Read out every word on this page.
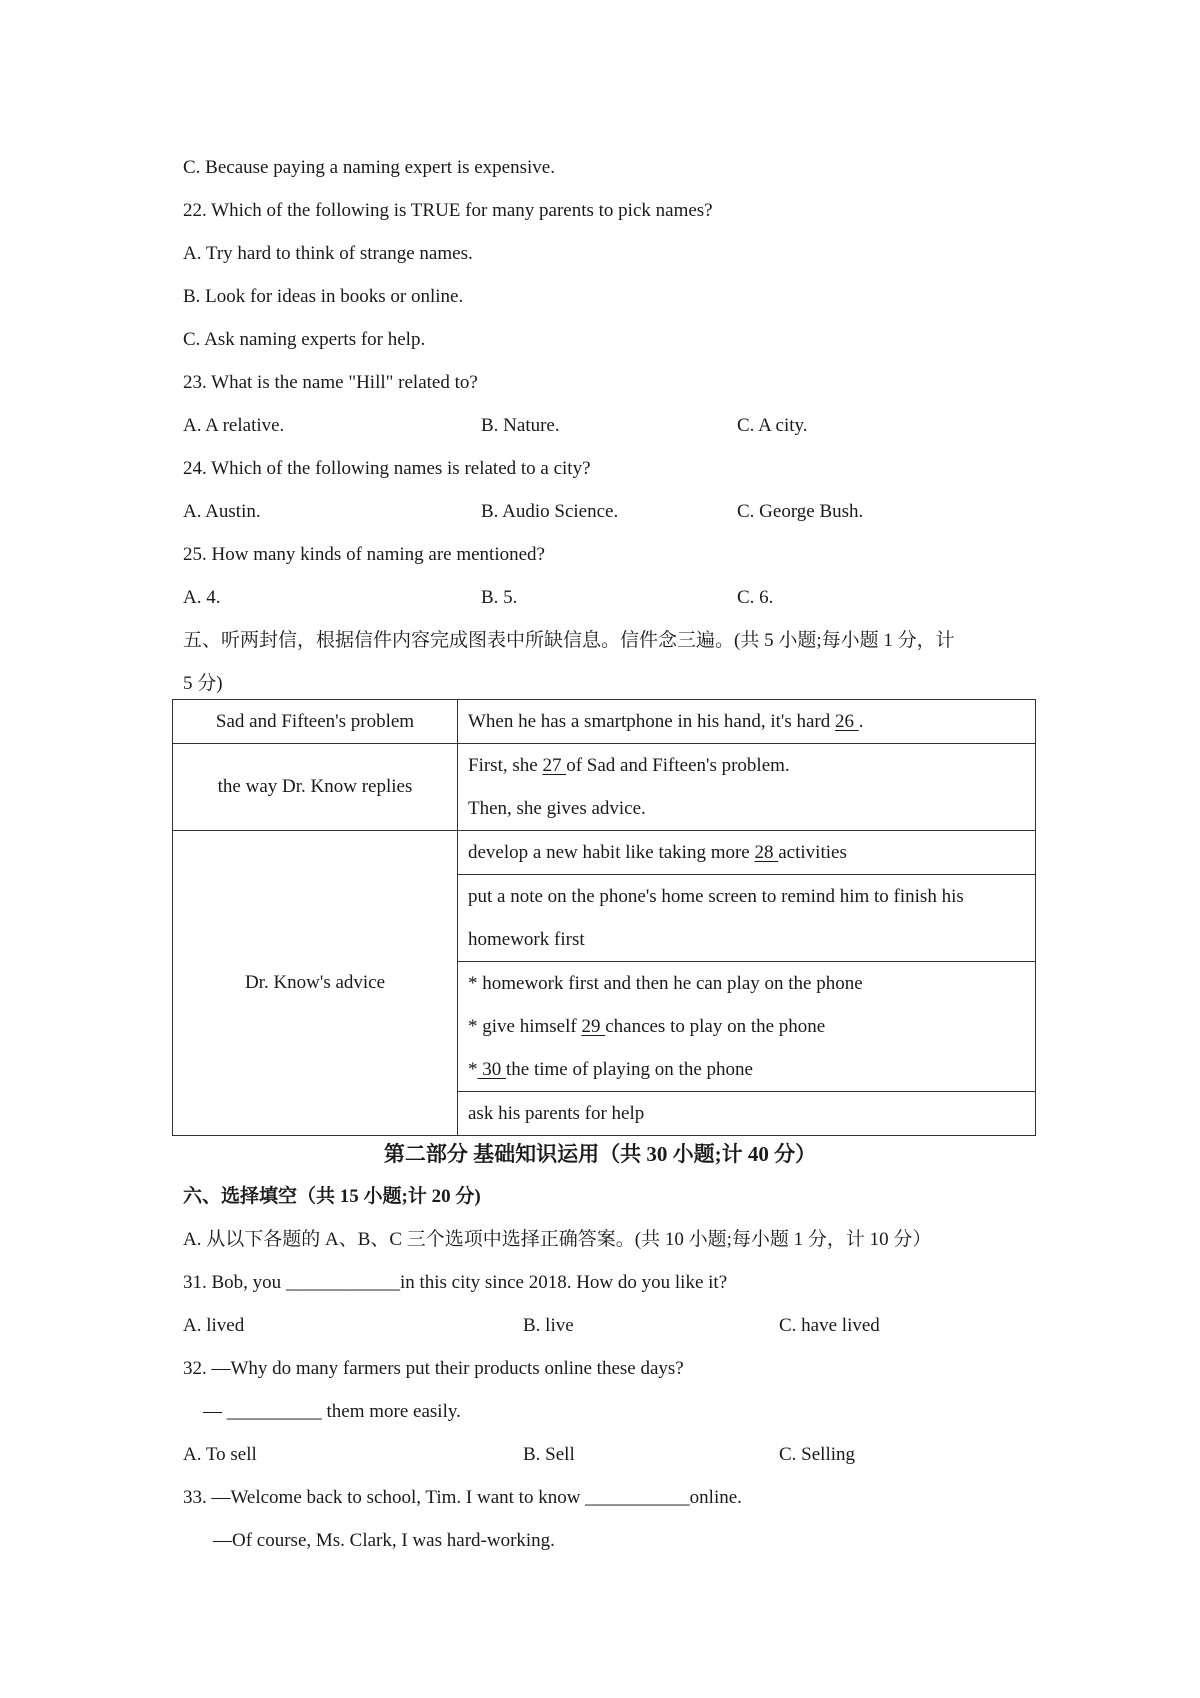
C. Because paying a naming expert is expensive.
22. Which of the following is TRUE for many parents to pick names?
A. Try hard to think of strange names.
B. Look for ideas in books or online.
C. Ask naming experts for help.
23. What is the name "Hill" related to?
A. A relative.	B. Nature.	C. A city.
24. Which of the following names is related to a city?
A. Austin.	B. Audio Science.	C. George Bush.
25. How many kinds of naming are mentioned?
A. 4.	B. 5.	C. 6.
五、听两封信，根据信件内容完成图表中所缺信息。信件念三遍。(共 5 小题;每小题 1 分，计
5 分)
Sad and Fifteen's problem	When he has a smartphone in his hand, it's hard 26 .
the way Dr. Know replies	First, she 27 of Sad and Fifteen's problem.
Then, she gives advice.

Dr. Know's advice	develop a new habit like taking more 28 activities

	put a note on the phone's home screen to remind him to finish his
homework first

	* homework first and then he can play on the phone
* give himself 29 chances to play on the phone
* 30 the time of playing on the phone

	ask his parents for help
第二部分 基础知识运用（共 30 小题;计 40 分）
六、选择填空（共 15 小题;计 20 分)
A. 从以下各题的 A、B、C 三个选项中选择正确答案。(共 10 小题;每小题 1 分，计 10 分）
31. Bob, you ____________in this city since 2018. How do you like it?
A. lived	B. live	C. have lived
32. —Why do many farmers put their products online these days?
— __________ them more easily.
A. To sell	B. Sell	C. Selling
33. —Welcome back to school, Tim. I want to know ___________online.
—Of course, Ms. Clark, I was hard-working.
